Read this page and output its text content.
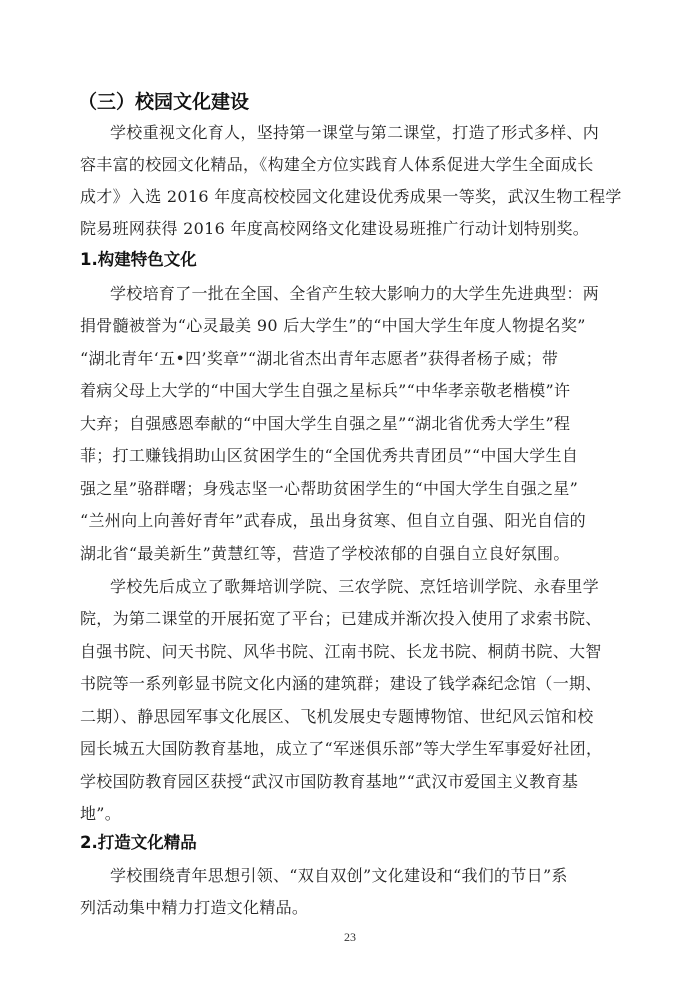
（三）校园文化建设
学校重视文化育人，坚持第一课堂与第二课堂，打造了形式多样、内
容丰富的校园文化精品，《构建全方位实践育人体系促进大学生全面成长
成才》入选 2016 年度高校校园文化建设优秀成果一等奖，武汉生物工程学
院易班网获得 2016 年度高校网络文化建设易班推广行动计划特别奖。
1.构建特色文化
学校培育了一批在全国、全省产生较大影响力的大学生先进典型：两
捐骨髓被誉为“心灵最美 90 后大学生”的“中国大学生年度人物提名奖”
“湖北青年‘五•四’奖章”“湖北省杰出青年志愿者”获得者杨子威；带
着病父母上大学的“中国大学生自强之星标兵”“中华孝亲敬老楷模”许
大弃；自强感恩奉献的“中国大学生自强之星”“湖北省优秀大学生”程
菲；打工赚钱捐助山区贫困学生的“全国优秀共青团员”“中国大学生自
强之星”骆群曙；身残志坚一心帮助贫困学生的“中国大学生自强之星”
“兰州向上向善好青年”武春成，虽出身贫寒、但自立自强、阳光自信的
湖北省“最美新生”黄慧红等，营造了学校浓郁的自强自立良好氛围。
学校先后成立了歌舞培训学院、三农学院、烹饪培训学院、永春里学
院，为第二课堂的开展拓宽了平台；已建成并渐次投入使用了求索书院、
自强书院、问天书院、风华书院、江南书院、长龙书院、桐荫书院、大智
书院等一系列彰显书院文化内涵的建筑群；建设了钱学森纪念馆（一期、
二期）、静思园军事文化展区、飞机发展史专题博物馆、世纪风云馆和校
园长城五大国防教育基地，成立了“军迷俱乐部”等大学生军事爱好社团，
学校国防教育园区获授“武汉市国防教育基地”“武汉市爱国主义教育基
地”。
2.打造文化精品
学校围绕青年思想引领、“双自双创”文化建设和“我们的节日”系
列活动集中精力打造文化精品。
23
